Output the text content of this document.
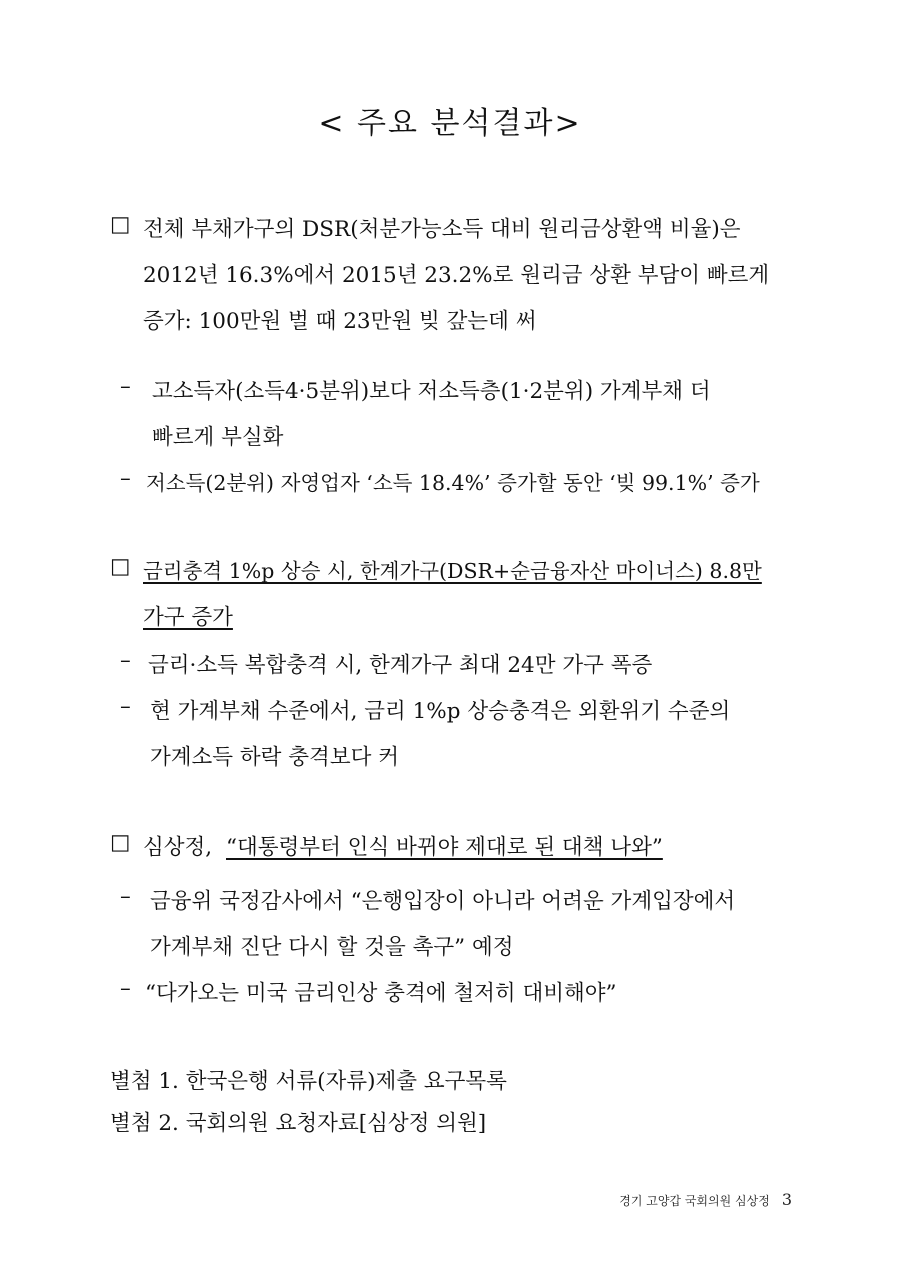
< 주요 분석결과>
□ 전체 부채가구의 DSR(처분가능소득 대비 원리금상환액 비율)은
2012년 16.3%에서 2015년 23.2%로 원리금 상환 부담이 빠르게
증가: 100만원 벌 때 23만원 빚 갚는데 써
– 고소득자(소득4·5분위)보다 저소득층(1·2분위) 가계부채 더
빠르게 부실화
– 저소득(2분위) 자영업자 ‘소득 18.4%’ 증가할 동안 ‘빚 99.1%’ 증가
□ 금리충격 1%p 상승 시, 한계가구(DSR+순금융자산 마이너스) 8.8만
가구 증가
– 금리·소득 복합충격 시, 한계가구 최대 24만 가구 폭증
– 현 가계부채 수준에서, 금리 1%p 상승충격은 외환위기 수준의
가계소득 하락 충격보다 커
□ 심상정, “대통령부터 인식 바뀌야 제대로 된 대책 나와”
– 금융위 국정감사에서 “은행입장이 아니라 어려운 가계입장에서
가계부채 진단 다시 할 것을 촉구” 예정
– “다가오는 미국 금리인상 충격에 철저히 대비해야”
별첨 1. 한국은행 서류(자류)제출 요구목록
별첨 2. 국회의원 요청자료[심상정 의원]
경기 고양갑 국회의원 심상정 3
